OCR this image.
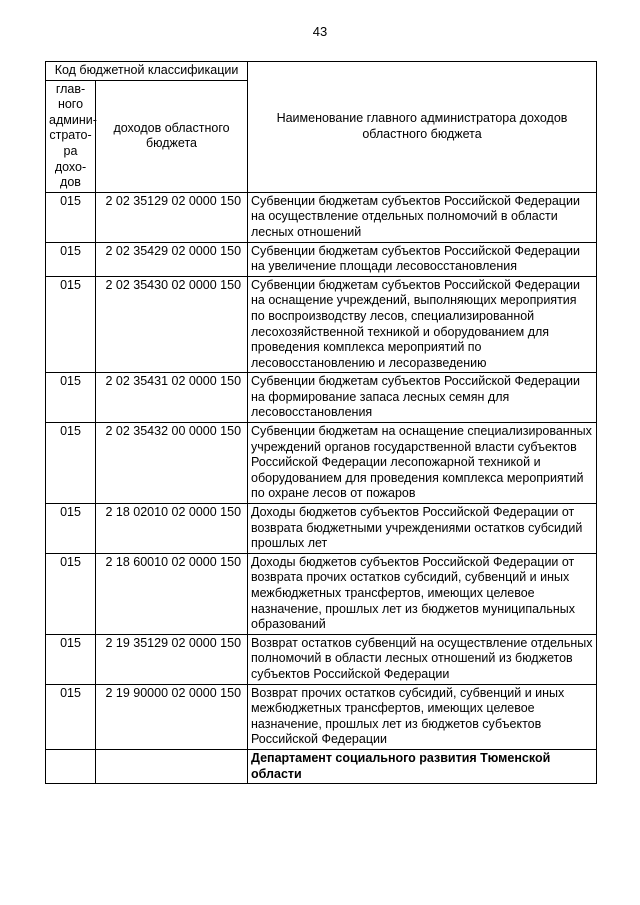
43
Код бюджетной классификации		Наименование главного администратора доходов областного бюджета
глав-ного админи-страто-ра дохо-дов	доходов областного бюджета	
015	2 02 35129 02 0000 150	Субвенции бюджетам субъектов Российской Федерации на осуществление отдельных полномочий в области лесных отношений
015	2 02 35429 02 0000 150	Субвенции бюджетам субъектов Российской Федерации на увеличение площади лесовосстановления
015	2 02 35430 02 0000 150	Субвенции бюджетам субъектов Российской Федерации на оснащение учреждений, выполняющих мероприятия по воспроизводству лесов, специализированной лесохозяйственной техникой и оборудованием для проведения комплекса мероприятий по лесовосстановлению и лесоразведению
015	2 02 35431 02 0000 150	Субвенции бюджетам субъектов Российской Федерации на формирование запаса лесных семян для лесовосстановления
015	2 02 35432 00 0000 150	Субвенции бюджетам на оснащение специализированных учреждений органов государственной власти субъектов Российской Федерации лесопожарной техникой и оборудованием для проведения комплекса мероприятий по охране лесов от пожаров
015	2 18 02010 02 0000 150	Доходы бюджетов субъектов Российской Федерации от возврата бюджетными учреждениями остатков субсидий прошлых лет
015	2 18 60010 02 0000 150	Доходы бюджетов субъектов Российской Федерации от возврата прочих остатков субсидий, субвенций и иных межбюджетных трансфертов, имеющих целевое назначение, прошлых лет из бюджетов муниципальных образований
015	2 19 35129 02 0000 150	Возврат остатков субвенций на осуществление отдельных полномочий в области лесных отношений из бюджетов субъектов Российской Федерации
015	2 19 90000 02 0000 150	Возврат прочих остатков субсидий, субвенций и иных межбюджетных трансфертов, имеющих целевое назначение, прошлых лет из бюджетов субъектов Российской Федерации
		Департамент социального развития Тюменской области
